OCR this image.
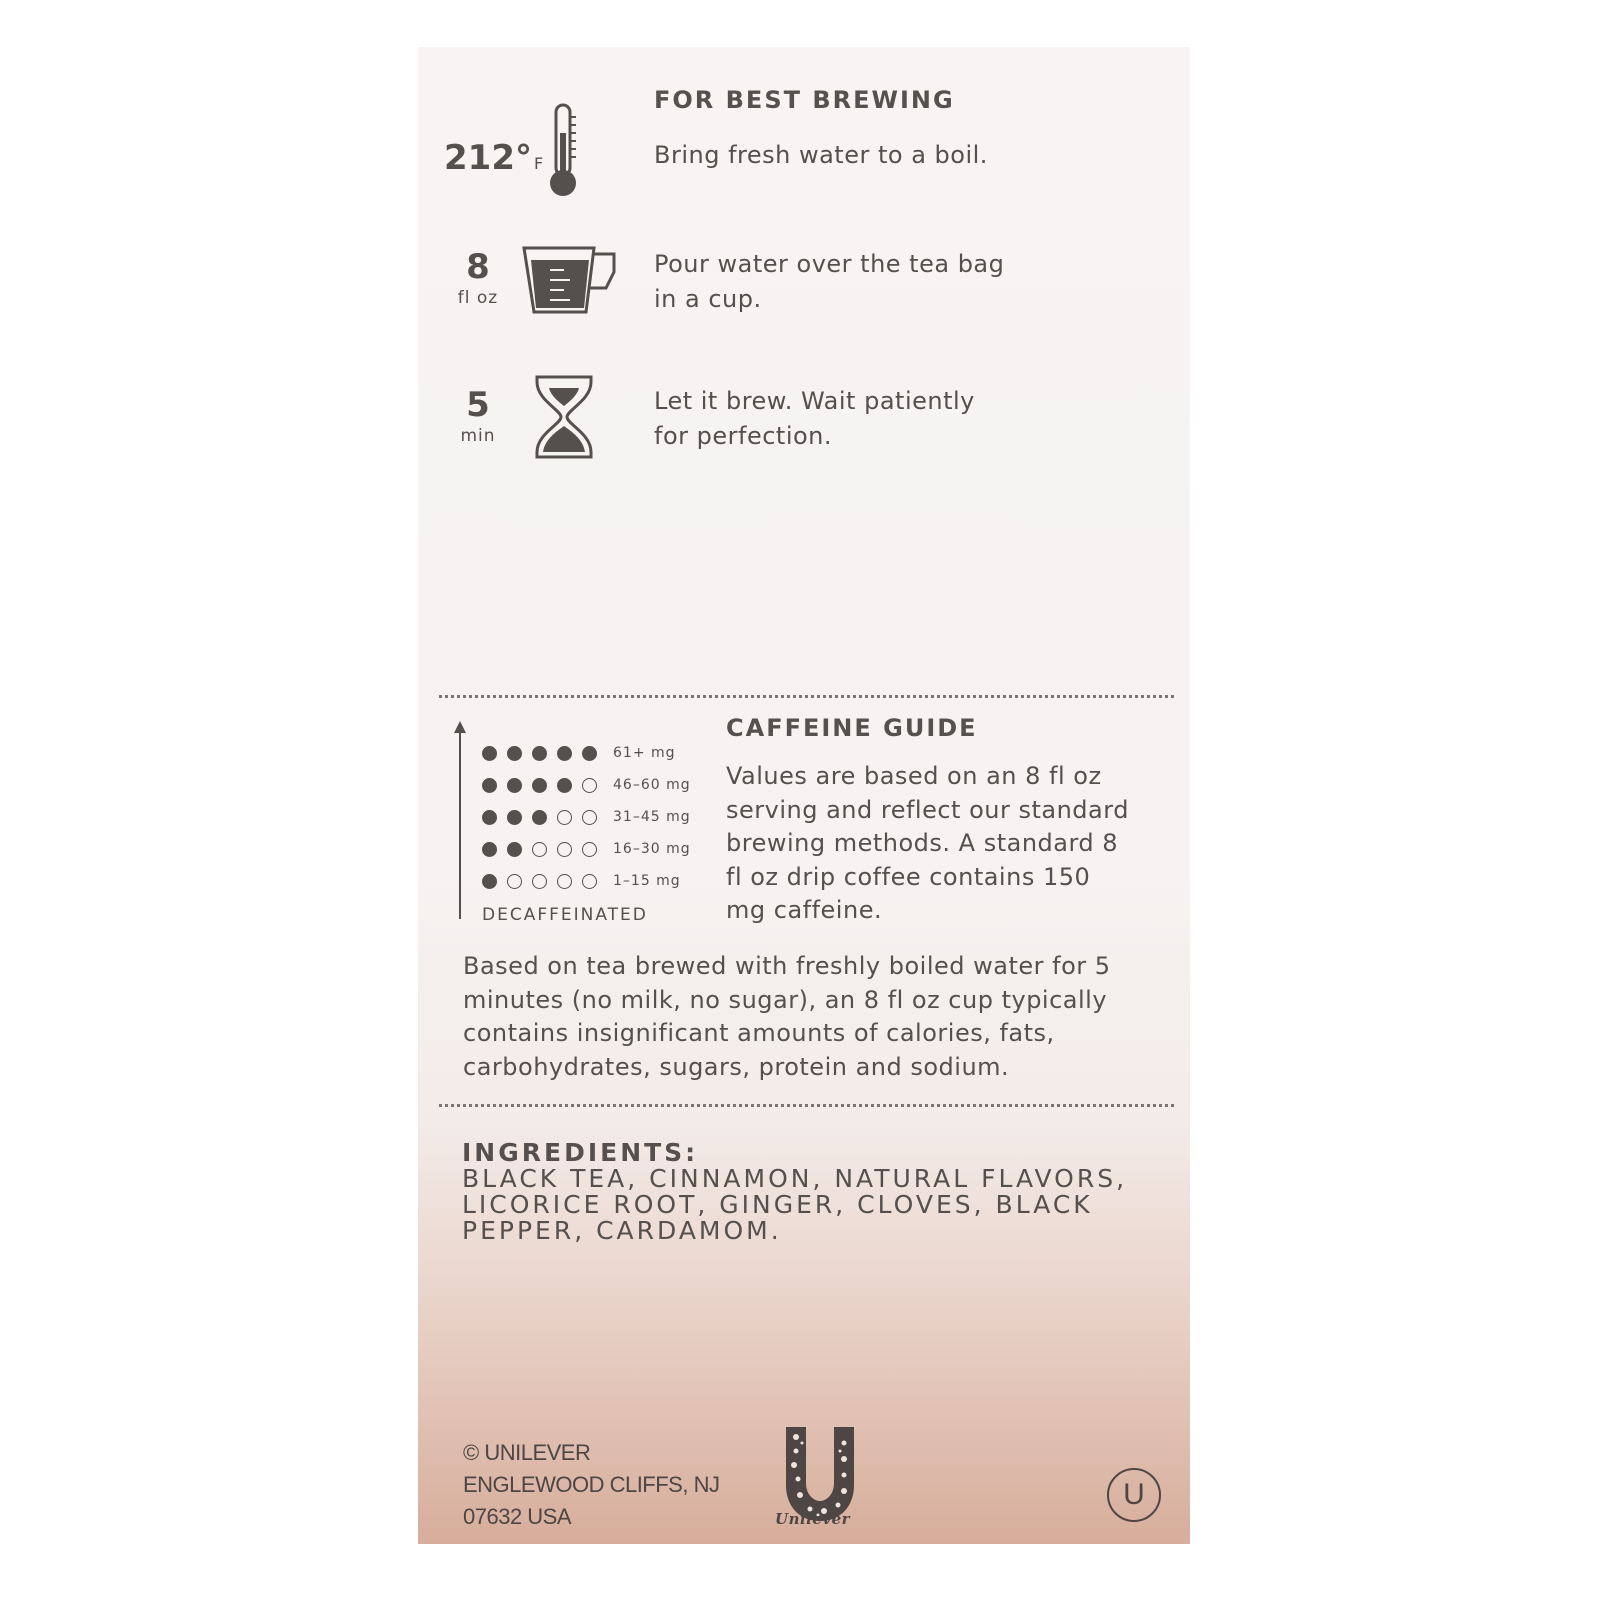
FOR BEST BREWING
212° F	Bring fresh water to a boil.
8
fl oz
Pour water over the tea bag in a cup.
5
min
Let it brew. Wait patiently for perfection.
61+ mg
46–60 mg
31–45 mg
16–30 mg
1–15 mg
DECAFFEINATED
CAFFEINE GUIDE
Values are based on an 8 fl oz serving and reflect our standard brewing methods. A standard 8 fl oz drip coffee contains 150 mg caffeine.
Based on tea brewed with freshly boiled water for 5 minutes (no milk, no sugar), an 8 fl oz cup typically contains insignificant amounts of calories, fats, carbohydrates, sugars, protein and sodium.
INGREDIENTS:
BLACK TEA, CINNAMON, NATURAL FLAVORS, LICORICE ROOT, GINGER, CLOVES, BLACK PEPPER, CARDAMOM.
© UNILEVER
ENGLEWOOD CLIFFS, NJ
07632 USA	Unilever
U
